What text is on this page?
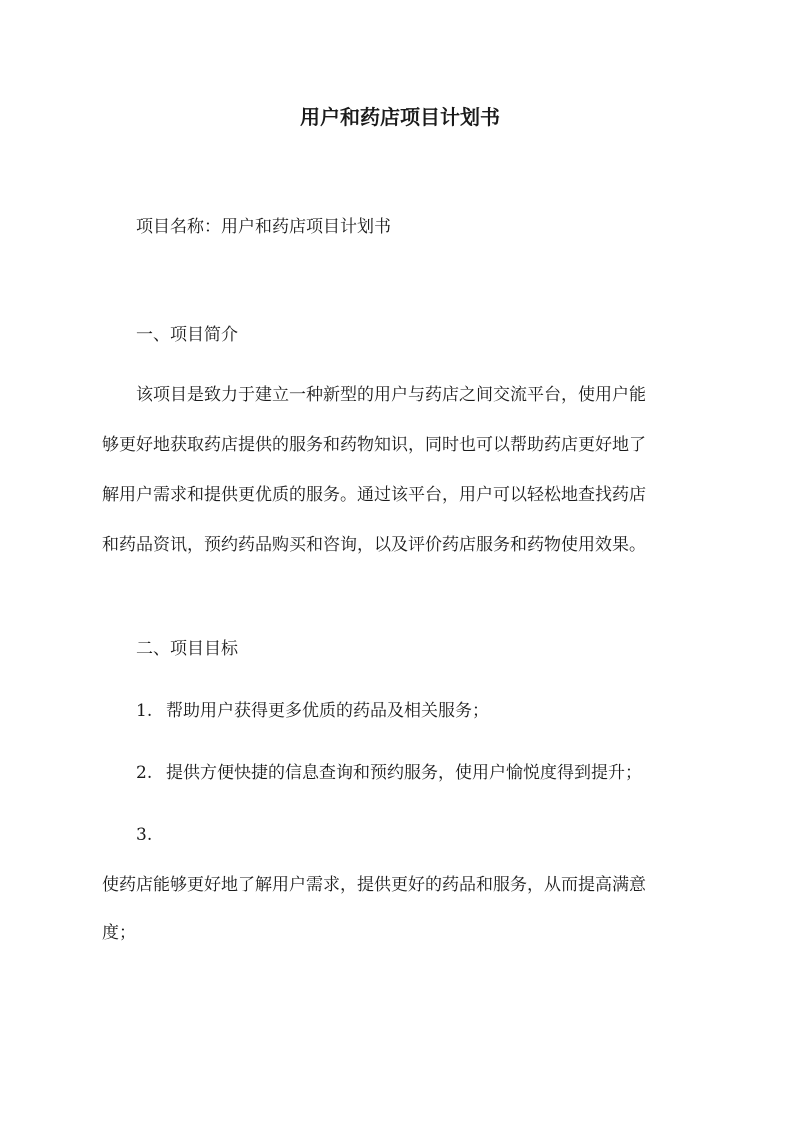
用户和药店项目计划书

项目名称：用户和药店项目计划书

一、项目简介

该项目是致力于建立一种新型的用户与药店之间交流平台，使用户能

够更好地获取药店提供的服务和药物知识，同时也可以帮助药店更好地了

解用户需求和提供更优质的服务。通过该平台，用户可以轻松地查找药店

和药品资讯，预约药品购买和咨询，以及评价药店服务和药物使用效果。

二、项目目标

1. 帮助用户获得更多优质的药品及相关服务；

2. 提供方便快捷的信息查询和预约服务，使用户愉悦度得到提升；

3.

使药店能够更好地了解用户需求，提供更好的药品和服务，从而提高满意

度；
